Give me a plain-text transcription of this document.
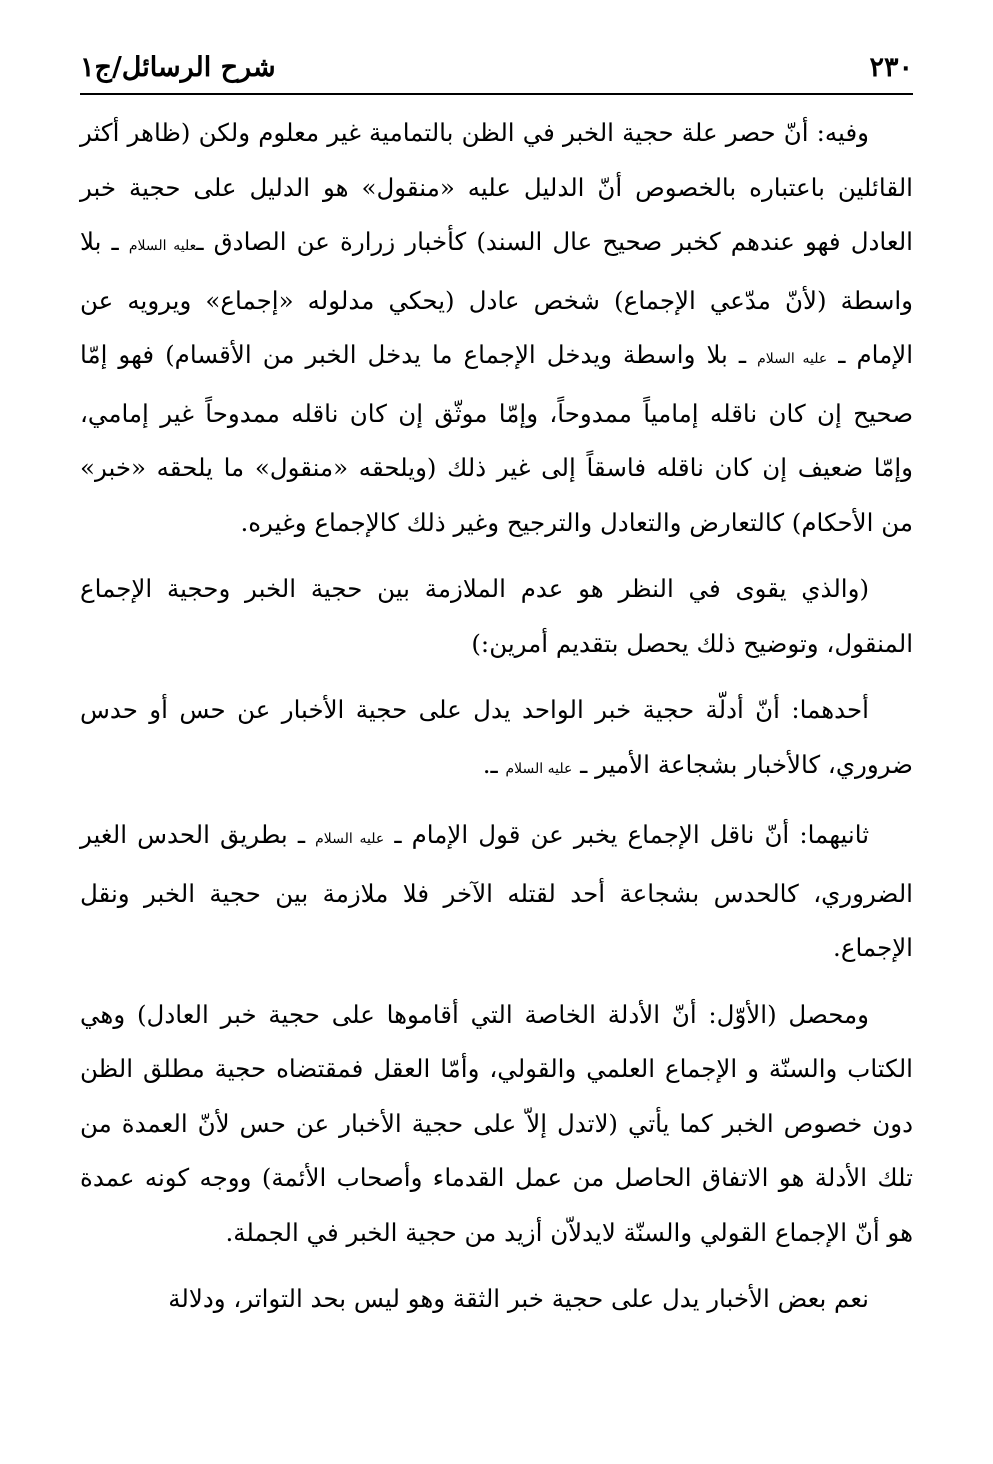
٢٣٠
شرح الرسائل/ج١

وفيه: أنّ حصر علة حجية الخبر في الظن بالتمامية غير معلوم ولكن (ظاهر أكثر القائلين باعتباره بالخصوص أنّ الدليل عليه «منقول» هو الدليل على حجية خبر العادل فهو عندهم كخبر صحيح عال السند) كأخبار زرارة عن الصادق ـعليه السلام ـ بلا واسطة (لأنّ مدّعي الإجماع) شخص عادل (يحكي مدلوله «إجماع» ويرويه عن الإمام ـ عليه السلام ـ بلا واسطة ويدخل الإجماع ما يدخل الخبر من الأقسام) فهو إمّا صحيح إن كان ناقله إمامياً ممدوحاً، وإمّا موثّق إن كان ناقله ممدوحاً غير إمامي، وإمّا ضعيف إن كان ناقله فاسقاً إلى غير ذلك (ويلحقه «منقول» ما يلحقه «خبر» من الأحكام) كالتعارض والتعادل والترجيح وغير ذلك كالإجماع وغيره.

(والذي يقوى في النظر هو عدم الملازمة بين حجية الخبر وحجية الإجماع المنقول، وتوضيح ذلك يحصل بتقديم أمرين:)

أحدهما: أنّ أدلّة حجية خبر الواحد يدل على حجية الأخبار عن حس أو حدس ضروري، كالأخبار بشجاعة الأمير ـ عليه السلام ـ.

ثانيهما: أنّ ناقل الإجماع يخبر عن قول الإمام ـ عليه السلام ـ بطريق الحدس الغير الضروري، كالحدس بشجاعة أحد لقتله الآخر فلا ملازمة بين حجية الخبر ونقل الإجماع.

ومحصل (الأوّل: أنّ الأدلة الخاصة التي أقاموها على حجية خبر العادل) وهي الكتاب والسنّة و الإجماع العلمي والقولي، وأمّا العقل فمقتضاه حجية مطلق الظن دون خصوص الخبر كما يأتي (لاتدل إلاّ على حجية الأخبار عن حس لأنّ العمدة من تلك الأدلة هو الاتفاق الحاصل من عمل القدماء وأصحاب الأئمة) ووجه كونه عمدة هو أنّ الإجماع القولي والسنّة لايدلاّن أزيد من حجية الخبر في الجملة.

نعم بعض الأخبار يدل على حجية خبر الثقة وهو ليس بحد التواتر، ودلالة
